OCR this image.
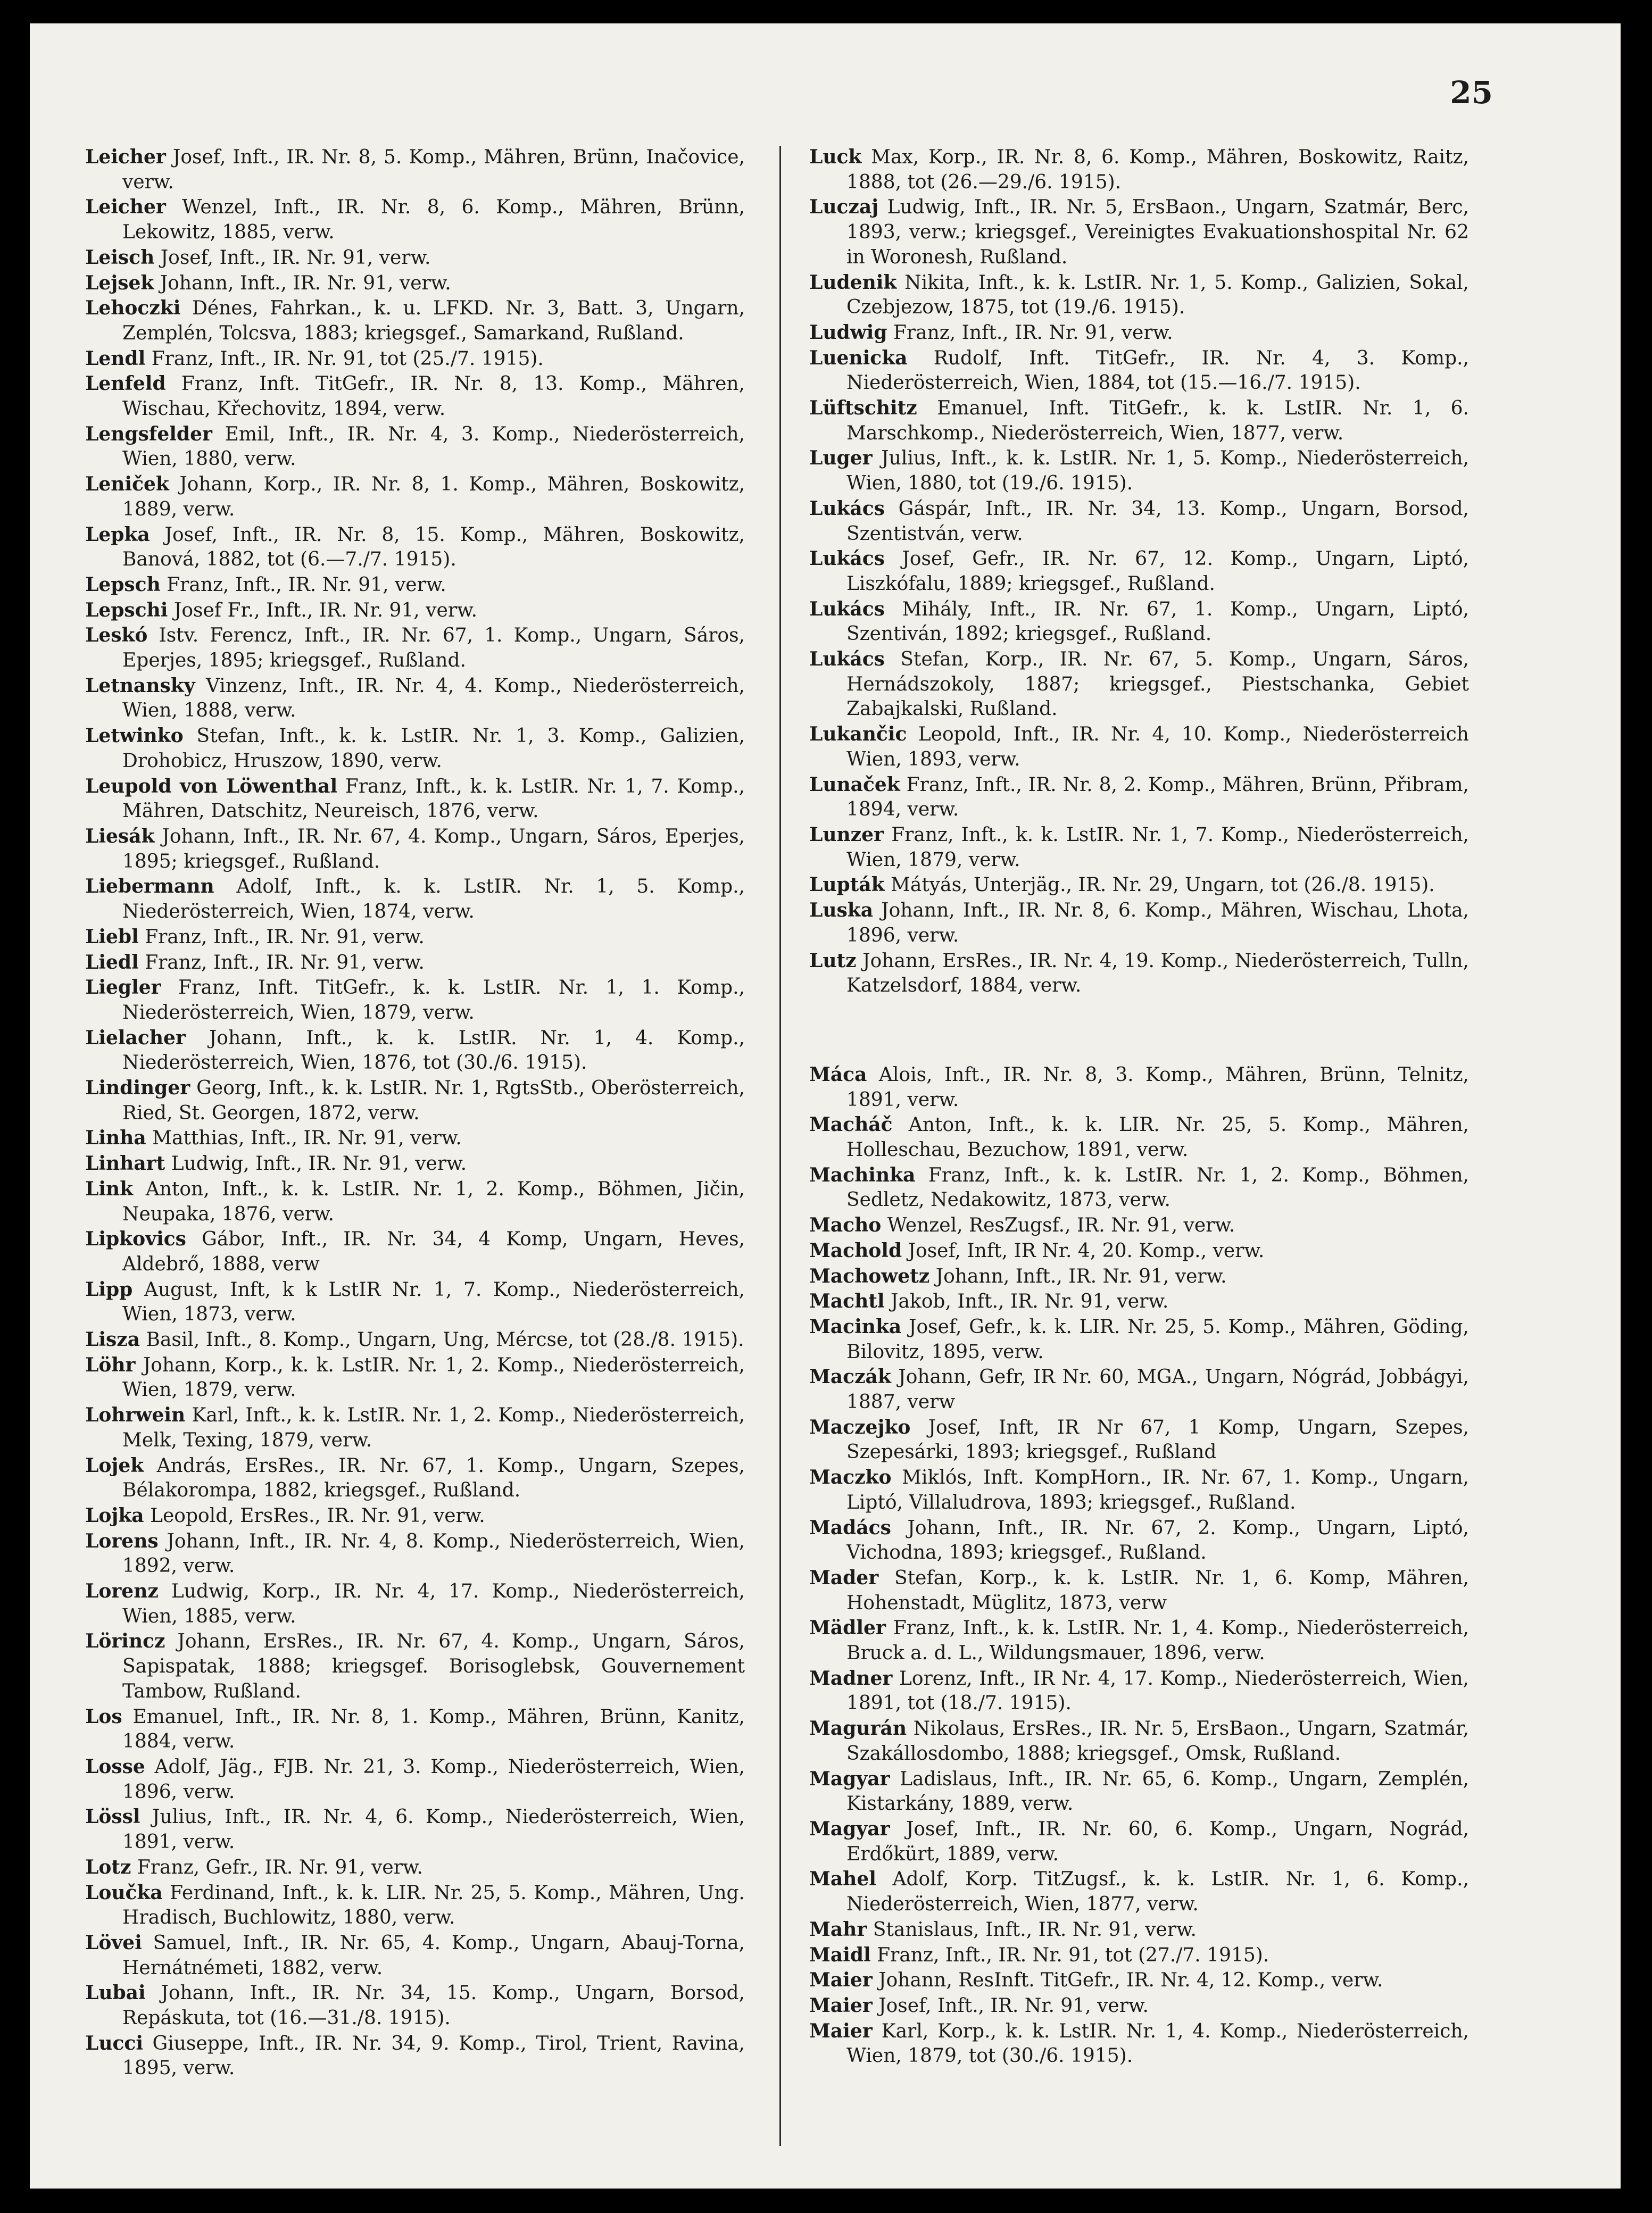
25

Leicher Josef, Inft., IR. Nr. 8, 5. Komp., Mähren, Brünn, Inačovice, verw.

Leicher Wenzel, Inft., IR. Nr. 8, 6. Komp., Mähren, Brünn, Lekowitz, 1885, verw.

Leisch Josef, Inft., IR. Nr. 91, verw.

Lejsek Johann, Inft., IR. Nr. 91, verw.

Lehoczki Dénes, Fahrkan., k. u. LFKD. Nr. 3, Batt. 3, Ungarn, Zemplén, Tolcsva, 1883; kriegsgef., Samarkand, Rußland.

Lendl Franz, Inft., IR. Nr. 91, tot (25./7. 1915).

Lenfeld Franz, Inft. TitGefr., IR. Nr. 8, 13. Komp., Mähren, Wischau, Křechovitz, 1894, verw.

Lengsfelder Emil, Inft., IR. Nr. 4, 3. Komp., Niederösterreich, Wien, 1880, verw.

Leniček Johann, Korp., IR. Nr. 8, 1. Komp., Mähren, Boskowitz, 1889, verw.

Lepka Josef, Inft., IR. Nr. 8, 15. Komp., Mähren, Boskowitz, Banová, 1882, tot (6.—7./7. 1915).

Lepsch Franz, Inft., IR. Nr. 91, verw.

Lepschi Josef Fr., Inft., IR. Nr. 91, verw.

Leskó Istv. Ferencz, Inft., IR. Nr. 67, 1. Komp., Ungarn, Sáros, Eperjes, 1895; kriegsgef., Rußland.

Letnansky Vinzenz, Inft., IR. Nr. 4, 4. Komp., Niederösterreich, Wien, 1888, verw.

Letwinko Stefan, Inft., k. k. LstIR. Nr. 1, 3. Komp., Galizien, Drohobicz, Hruszow, 1890, verw.

Leupold von Löwenthal Franz, Inft., k. k. LstIR. Nr. 1, 7. Komp., Mähren, Datschitz, Neureisch, 1876, verw.

Liesák Johann, Inft., IR. Nr. 67, 4. Komp., Ungarn, Sáros, Eperjes, 1895; kriegsgef., Rußland.

Liebermann Adolf, Inft., k. k. LstIR. Nr. 1, 5. Komp., Niederösterreich, Wien, 1874, verw.

Liebl Franz, Inft., IR. Nr. 91, verw.

Liedl Franz, Inft., IR. Nr. 91, verw.

Liegler Franz, Inft. TitGefr., k. k. LstIR. Nr. 1, 1. Komp., Niederösterreich, Wien, 1879, verw.

Lielacher Johann, Inft., k. k. LstIR. Nr. 1, 4. Komp., Niederösterreich, Wien, 1876, tot (30./6. 1915).

Lindinger Georg, Inft., k. k. LstIR. Nr. 1, RgtsStb., Oberösterreich, Ried, St. Georgen, 1872, verw.

Linha Matthias, Inft., IR. Nr. 91, verw.

Linhart Ludwig, Inft., IR. Nr. 91, verw.

Link Anton, Inft., k. k. LstIR. Nr. 1, 2. Komp., Böhmen, Jičin, Neupaka, 1876, verw.

Lipkovics Gábor, Inft., IR. Nr. 34, 4 Komp, Ungarn, Heves, Aldebrő, 1888, verw

Lipp August, Inft, k k LstIR Nr. 1, 7. Komp., Niederösterreich, Wien, 1873, verw.

Lisza Basil, Inft., 8. Komp., Ungarn, Ung, Mércse, tot (28./8. 1915).

Löhr Johann, Korp., k. k. LstIR. Nr. 1, 2. Komp., Niederösterreich, Wien, 1879, verw.

Lohrwein Karl, Inft., k. k. LstIR. Nr. 1, 2. Komp., Niederösterreich, Melk, Texing, 1879, verw.

Lojek András, ErsRes., IR. Nr. 67, 1. Komp., Ungarn, Szepes, Bélakorompa, 1882, kriegsgef., Rußland.

Lojka Leopold, ErsRes., IR. Nr. 91, verw.

Lorens Johann, Inft., IR. Nr. 4, 8. Komp., Niederösterreich, Wien, 1892, verw.

Lorenz Ludwig, Korp., IR. Nr. 4, 17. Komp., Niederösterreich, Wien, 1885, verw.

Lörincz Johann, ErsRes., IR. Nr. 67, 4. Komp., Ungarn, Sáros, Sapispatak, 1888; kriegsgef. Borisoglebsk, Gouvernement Tambow, Rußland.

Los Emanuel, Inft., IR. Nr. 8, 1. Komp., Mähren, Brünn, Kanitz, 1884, verw.

Losse Adolf, Jäg., FJB. Nr. 21, 3. Komp., Niederösterreich, Wien, 1896, verw.

Lössl Julius, Inft., IR. Nr. 4, 6. Komp., Niederösterreich, Wien, 1891, verw.

Lotz Franz, Gefr., IR. Nr. 91, verw.

Loučka Ferdinand, Inft., k. k. LIR. Nr. 25, 5. Komp., Mähren, Ung. Hradisch, Buchlowitz, 1880, verw.

Lövei Samuel, Inft., IR. Nr. 65, 4. Komp., Ungarn, Abauj-Torna, Hernátnémeti, 1882, verw.

Lubai Johann, Inft., IR. Nr. 34, 15. Komp., Ungarn, Borsod, Repáskuta, tot (16.—31./8. 1915).

Lucci Giuseppe, Inft., IR. Nr. 34, 9. Komp., Tirol, Trient, Ravina, 1895, verw.

Luck Max, Korp., IR. Nr. 8, 6. Komp., Mähren, Boskowitz, Raitz, 1888, tot (26.—29./6. 1915).

Luczaj Ludwig, Inft., IR. Nr. 5, ErsBaon., Ungarn, Szatmár, Berc, 1893, verw.; kriegsgef., Vereinigtes Evakuationshospital Nr. 62 in Woronesh, Rußland.

Ludenik Nikita, Inft., k. k. LstIR. Nr. 1, 5. Komp., Galizien, Sokal, Czebjezow, 1875, tot (19./6. 1915).

Ludwig Franz, Inft., IR. Nr. 91, verw.

Luenicka Rudolf, Inft. TitGefr., IR. Nr. 4, 3. Komp., Niederösterreich, Wien, 1884, tot (15.—16./7. 1915).

Lüftschitz Emanuel, Inft. TitGefr., k. k. LstIR. Nr. 1, 6. Marschkomp., Niederösterreich, Wien, 1877, verw.

Luger Julius, Inft., k. k. LstIR. Nr. 1, 5. Komp., Niederösterreich, Wien, 1880, tot (19./6. 1915).

Lukács Gáspár, Inft., IR. Nr. 34, 13. Komp., Ungarn, Borsod, Szentistván, verw.

Lukács Josef, Gefr., IR. Nr. 67, 12. Komp., Ungarn, Liptó, Liszkófalu, 1889; kriegsgef., Rußland.

Lukács Mihály, Inft., IR. Nr. 67, 1. Komp., Ungarn, Liptó, Szentiván, 1892; kriegsgef., Rußland.

Lukács Stefan, Korp., IR. Nr. 67, 5. Komp., Ungarn, Sáros, Hernádszokoly, 1887; kriegsgef., Piestschanka, Gebiet Zabajkalski, Rußland.

Lukančic Leopold, Inft., IR. Nr. 4, 10. Komp., Niederösterreich Wien, 1893, verw.

Lunaček Franz, Inft., IR. Nr. 8, 2. Komp., Mähren, Brünn, Přibram, 1894, verw.

Lunzer Franz, Inft., k. k. LstIR. Nr. 1, 7. Komp., Niederösterreich, Wien, 1879, verw.

Lupták Mátyás, Unterjäg., IR. Nr. 29, Ungarn, tot (26./8. 1915).

Luska Johann, Inft., IR. Nr. 8, 6. Komp., Mähren, Wischau, Lhota, 1896, verw.

Lutz Johann, ErsRes., IR. Nr. 4, 19. Komp., Niederösterreich, Tulln, Katzelsdorf, 1884, verw.

Máca Alois, Inft., IR. Nr. 8, 3. Komp., Mähren, Brünn, Telnitz, 1891, verw.

Macháč Anton, Inft., k. k. LIR. Nr. 25, 5. Komp., Mähren, Holleschau, Bezuchow, 1891, verw.

Machinka Franz, Inft., k. k. LstIR. Nr. 1, 2. Komp., Böhmen, Sedletz, Nedakowitz, 1873, verw.

Macho Wenzel, ResZugsf., IR. Nr. 91, verw.

Machold Josef, Inft, IR Nr. 4, 20. Komp., verw.

Machowetz Johann, Inft., IR. Nr. 91, verw.

Machtl Jakob, Inft., IR. Nr. 91, verw.

Macinka Josef, Gefr., k. k. LIR. Nr. 25, 5. Komp., Mähren, Göding, Bilovitz, 1895, verw.

Maczák Johann, Gefr, IR Nr. 60, MGA., Ungarn, Nógrád, Jobbágyi, 1887, verw

Maczejko Josef, Inft, IR Nr 67, 1 Komp, Ungarn, Szepes, Szepesárki, 1893; kriegsgef., Rußland

Maczko Miklós, Inft. KompHorn., IR. Nr. 67, 1. Komp., Ungarn, Liptó, Villaludrova, 1893; kriegsgef., Rußland.

Madács Johann, Inft., IR. Nr. 67, 2. Komp., Ungarn, Liptó, Vichodna, 1893; kriegsgef., Rußland.

Mader Stefan, Korp., k. k. LstIR. Nr. 1, 6. Komp, Mähren, Hohenstadt, Müglitz, 1873, verw

Mädler Franz, Inft., k. k. LstIR. Nr. 1, 4. Komp., Niederösterreich, Bruck a. d. L., Wildungsmauer, 1896, verw.

Madner Lorenz, Inft., IR Nr. 4, 17. Komp., Niederösterreich, Wien, 1891, tot (18./7. 1915).

Magurán Nikolaus, ErsRes., IR. Nr. 5, ErsBaon., Ungarn, Szatmár, Szakállosdombo, 1888; kriegsgef., Omsk, Rußland.

Magyar Ladislaus, Inft., IR. Nr. 65, 6. Komp., Ungarn, Zemplén, Kistarkány, 1889, verw.

Magyar Josef, Inft., IR. Nr. 60, 6. Komp., Ungarn, Nográd, Erdőkürt, 1889, verw.

Mahel Adolf, Korp. TitZugsf., k. k. LstIR. Nr. 1, 6. Komp., Niederösterreich, Wien, 1877, verw.

Mahr Stanislaus, Inft., IR. Nr. 91, verw.

Maidl Franz, Inft., IR. Nr. 91, tot (27./7. 1915).

Maier Johann, ResInft. TitGefr., IR. Nr. 4, 12. Komp., verw.

Maier Josef, Inft., IR. Nr. 91, verw.

Maier Karl, Korp., k. k. LstIR. Nr. 1, 4. Komp., Niederösterreich, Wien, 1879, tot (30./6. 1915).
